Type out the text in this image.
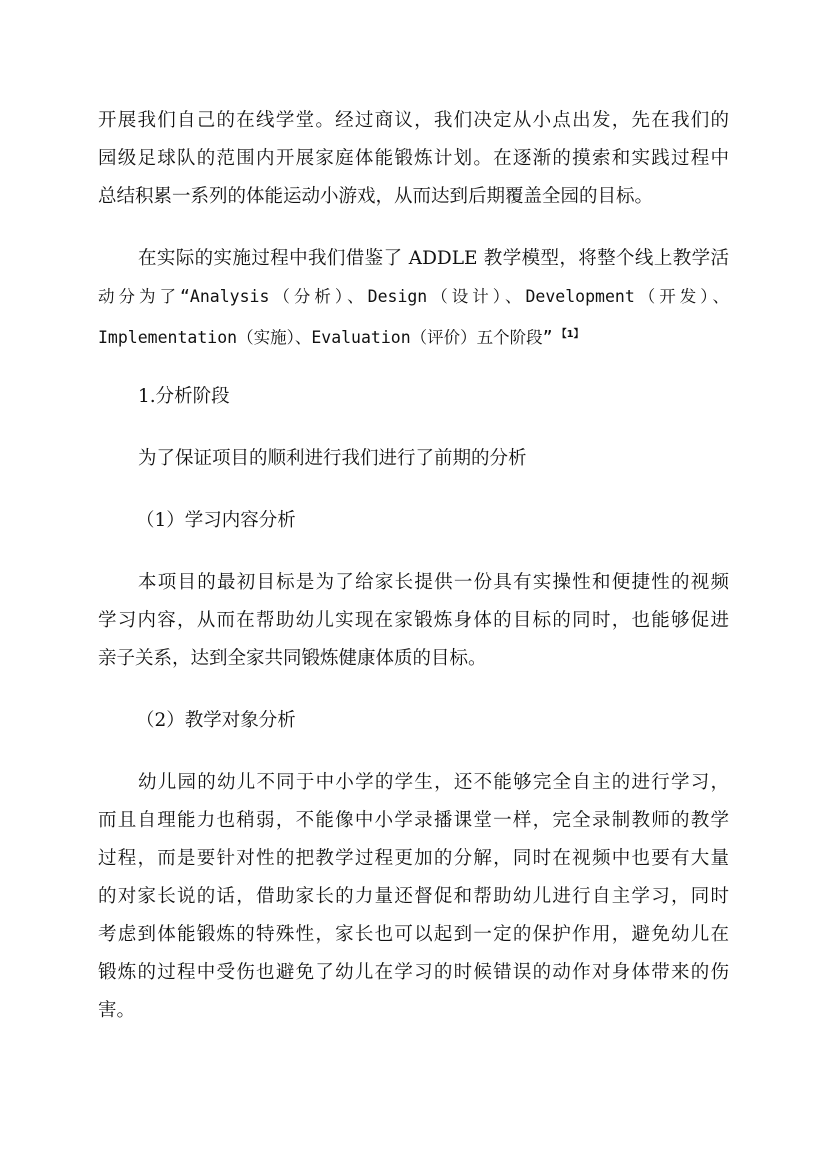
开展我们自己的在线学堂。经过商议，我们决定从小点出发，先在我们的
园级足球队的范围内开展家庭体能锻炼计划。在逐渐的摸索和实践过程中
总结积累一系列的体能运动小游戏，从而达到后期覆盖全园的目标。
在实际的实施过程中我们借鉴了 ADDLE 教学模型，将整个线上教学活
动分为了“Analysis（分析）、Design（设计）、Development（开发）、
Implementation（实施）、Evaluation（评价）五个阶段” $^{【1】}$
1.分析阶段
为了保证项目的顺利进行我们进行了前期的分析
（1）学习内容分析
本项目的最初目标是为了给家长提供一份具有实操性和便捷性的视频
学习内容，从而在帮助幼儿实现在家锻炼身体的目标的同时，也能够促进
亲子关系，达到全家共同锻炼健康体质的目标。
（2）教学对象分析
幼儿园的幼儿不同于中小学的学生，还不能够完全自主的进行学习，
而且自理能力也稍弱，不能像中小学录播课堂一样，完全录制教师的教学
过程，而是要针对性的把教学过程更加的分解，同时在视频中也要有大量
的对家长说的话，借助家长的力量还督促和帮助幼儿进行自主学习，同时
考虑到体能锻炼的特殊性，家长也可以起到一定的保护作用，避免幼儿在
锻炼的过程中受伤也避免了幼儿在学习的时候错误的动作对身体带来的伤
害。
